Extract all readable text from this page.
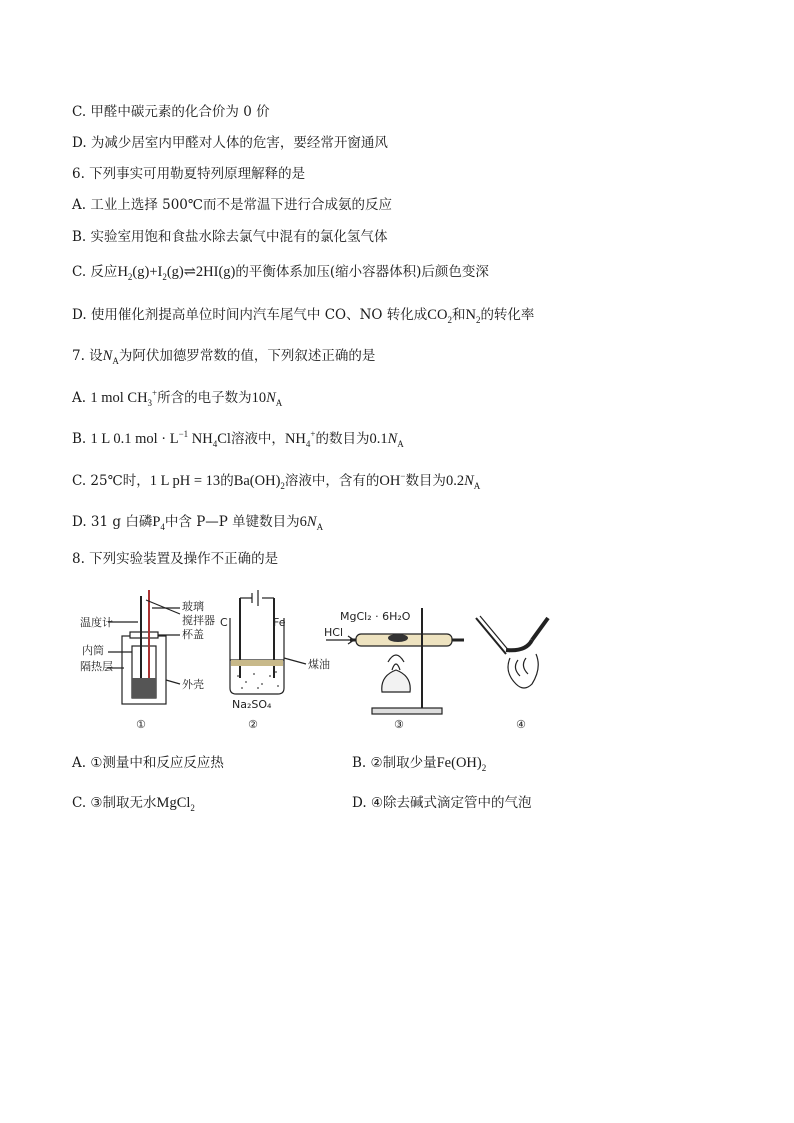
C. 甲醛中碳元素的化合价为 0 价
D. 为减少居室内甲醛对人体的危害，要经常开窗通风
6. 下列事实可用勒夏特列原理解释的是
A. 工业上选择 500℃而不是常温下进行合成氨的反应
B. 实验室用饱和食盐水除去氯气中混有的氯化氢气体
C. 反应$H_2(g)+I_2(g)\rightleftharpoons 2HI(g)$的平衡体系加压(缩小容器体积)后颜色变深
D. 使用催化剂提高单位时间内汽车尾气中 CO、NO 转化成$CO_2$和$N_2$的转化率
7. 设$N_A$为阿伏加德罗常数的值，下列叙述正确的是
A. 1 mol $CH_3^+$所含的电子数为$10N_A$
B. 1 L 0.1 mol · $L^{-1}$ $NH_4Cl$溶液中，$NH_4^+$的数目为$0.1N_A$
C. 25℃时，1 L pH = 13的$Ba(OH)_2$溶液中，含有的OH−数目为$0.2N_A$
D. 31 g 白磷$P_4$中含 P—P 单键数目为$6N_A$
8. 下列实验装置及操作不正确的是
温度计
玻璃
搅拌器
杯盖
内筒
隔热层
外壳
①
C	Fe
煤油
Na₂SO₄
②
MgCl₂ · 6H₂O
HCl
③	④
A. ①测量中和反应反应热	B. ②制取少量$Fe(OH)_2$
C. ③制取无水MgCl$_2$	D. ④除去碱式滴定管中的气泡
